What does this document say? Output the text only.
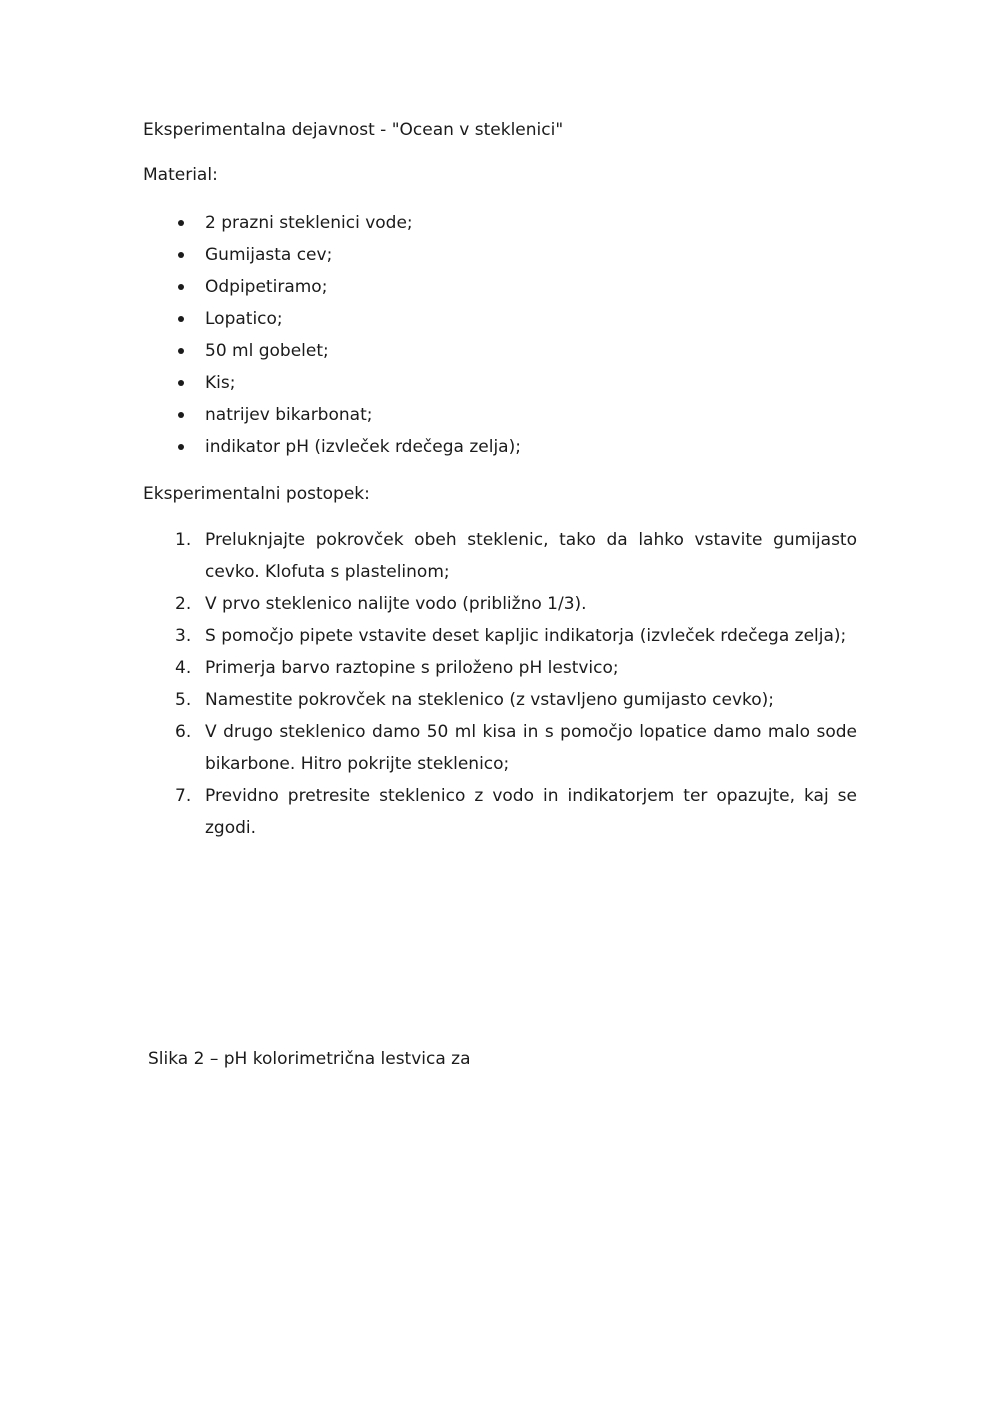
Eksperimentalna dejavnost - "Ocean v steklenici"
Material:
2 prazni steklenici vode;
Gumijasta cev;
Odpipetiramo;
Lopatico;
50 ml gobelet;
Kis;
natrijev bikarbonat;
indikator pH (izvleček rdečega zelja);
Eksperimentalni postopek:
Preluknjajte pokrovček obeh steklenic, tako da lahko vstavite gumijasto cevko. Klofuta s plastelinom;
V prvo steklenico nalijte vodo (približno 1/3).
S pomočjo pipete vstavite deset kapljic indikatorja (izvleček rdečega zelja);
Primerja barvo raztopine s priloženo pH lestvico;
Namestite pokrovček na steklenico (z vstavljeno gumijasto cevko);
V drugo steklenico damo 50 ml kisa in s pomočjo lopatice damo malo sode bikarbone. Hitro pokrijte steklenico;
Previdno pretresite steklenico z vodo in indikatorjem ter opazujte, kaj se zgodi.
Slika 2 – pH kolorimetrična lestvica za
